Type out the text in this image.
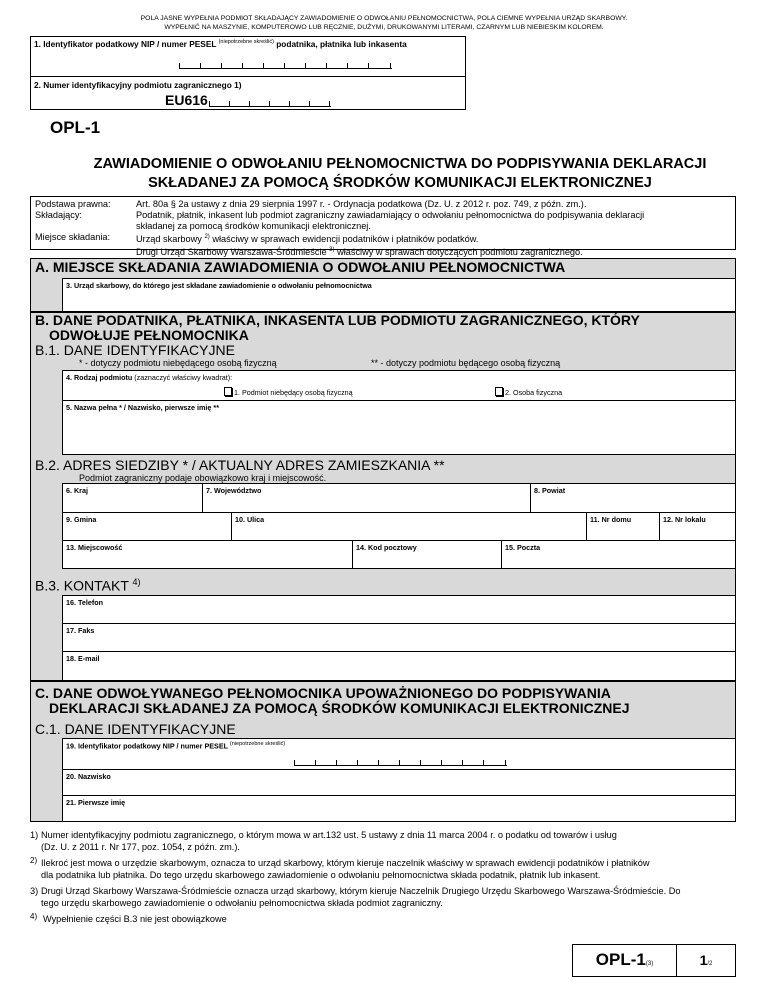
POLA JASNE WYPEŁNIA PODMIOT SKŁADAJĄCY ZAWIADOMIENIE O ODWOŁANIU PEŁNOMOCNICTWA, POLA CIEMNE WYPEŁNIA URZĄD SKARBOWY.
WYPEŁNIĆ NA MASZYNIE, KOMPUTEROWO LUB RĘCZNIE, DUŻYMI, DRUKOWANYMI LITERAMI, CZARNYM LUB NIEBIESKIM KOLOREM.
1. Identyfikator podatkowy NIP / numer PESEL $^{(niepotrzebne skreślić)}$ podatnika, płatnika lub inkasenta
2. Numer identyfikacyjny podmiotu zagranicznego 1)
EU616
OPL-1
ZAWIADOMIENIE O ODWOŁANIU PEŁNOMOCNICTWA DO PODPISYWANIA DEKLARACJI
SKŁADANEJ ZA POMOCĄ ŚRODKÓW KOMUNIKACJI ELEKTRONICZNEJ
Podstawa prawna:	Art. 80a § 2a ustawy z dnia 29 sierpnia 1997 r. - Ordynacja podatkowa (Dz. U. z 2012 r. poz. 749, z późn. zm.).
Składający:	Podatnik, płatnik, inkasent lub podmiot zagraniczny zawiadamiający o odwołaniu pełnomocnictwa do podpisywania deklaracji
składanej za pomocą środków komunikacji elektronicznej.
Miejsce składania:	Urząd skarbowy $^{2)}$ właściwy w sprawach ewidencji podatników i płatników podatków.
Drugi Urząd Skarbowy Warszawa-Śródmieście $^{3)}$ właściwy w sprawach dotyczących podmiotu zagranicznego.
A. MIEJSCE SKŁADANIA ZAWIADOMIENIA O ODWOŁANIU PEŁNOMOCNICTWA
3. Urząd skarbowy, do którego jest składane zawiadomienie o odwołaniu pełnomocnictwa
B. DANE PODATNIKA, PŁATNIKA, INKASENTA LUB PODMIOTU ZAGRANICZNEGO, KTÓRY
ODWOŁUJE PEŁNOMOCNIKA
B.1. DANE IDENTYFIKACYJNE
* - dotyczy podmiotu niebędącego osobą fizyczną	** - dotyczy podmiotu będącego osobą fizyczną
4. Rodzaj podmiotu (zaznaczyć właściwy kwadrat):
1. Podmiot niebędący osobą fizyczną	2. Osoba fizyczna
5. Nazwa pełna * / Nazwisko, pierwsze imię **
B.2. ADRES SIEDZIBY * / AKTUALNY ADRES ZAMIESZKANIA **
Podmiot zagraniczny podaje obowiązkowo kraj i miejscowość.
6. Kraj	7. Województwo	8. Powiat
9. Gmina	10. Ulica	11. Nr domu	12. Nr lokalu
13. Miejscowość	14. Kod pocztowy	15. Poczta
B.3. KONTAKT $^{4)}$
16. Telefon
17. Faks
18. E-mail
C. DANE ODWOŁYWANEGO PEŁNOMOCNIKA UPOWAŻNIONEGO DO PODPISYWANIA
DEKLARACJI SKŁADANEJ ZA POMOCĄ ŚRODKÓW KOMUNIKACJI ELEKTRONICZNEJ
C.1. DANE IDENTYFIKACYJNE
19. Identyfikator podatkowy NIP / numer PESEL $^{(niepotrzebne skreślić)}$
20. Nazwisko
21. Pierwsze imię
1) Numer identyfikacyjny podmiotu zagranicznego, o którym mowa w art.132 ust. 5 ustawy z dnia 11 marca 2004 r. o podatku od towarów i usług
(Dz. U. z 2011 r. Nr 177, poz. 1054, z późn. zm.).
2) Ilekroć jest mowa o urzędzie skarbowym, oznacza to urząd skarbowy, którym kieruje naczelnik właściwy w sprawach ewidencji podatników i płatników
dla podatnika lub płatnika. Do tego urzędu skarbowego zawiadomienie o odwołaniu pełnomocnictwa składa podatnik, płatnik lub inkasent.
3) Drugi Urząd Skarbowy Warszawa-Śródmieście oznacza urząd skarbowy, którym kieruje Naczelnik Drugiego Urzędu Skarbowego Warszawa-Śródmieście. Do
tego urzędu skarbowego zawiadomienie o odwołaniu pełnomocnictwa składa podmiot zagraniczny.
4) Wypełnienie części B.3 nie jest obowiązkowe
OPL-1(3)	1/2
